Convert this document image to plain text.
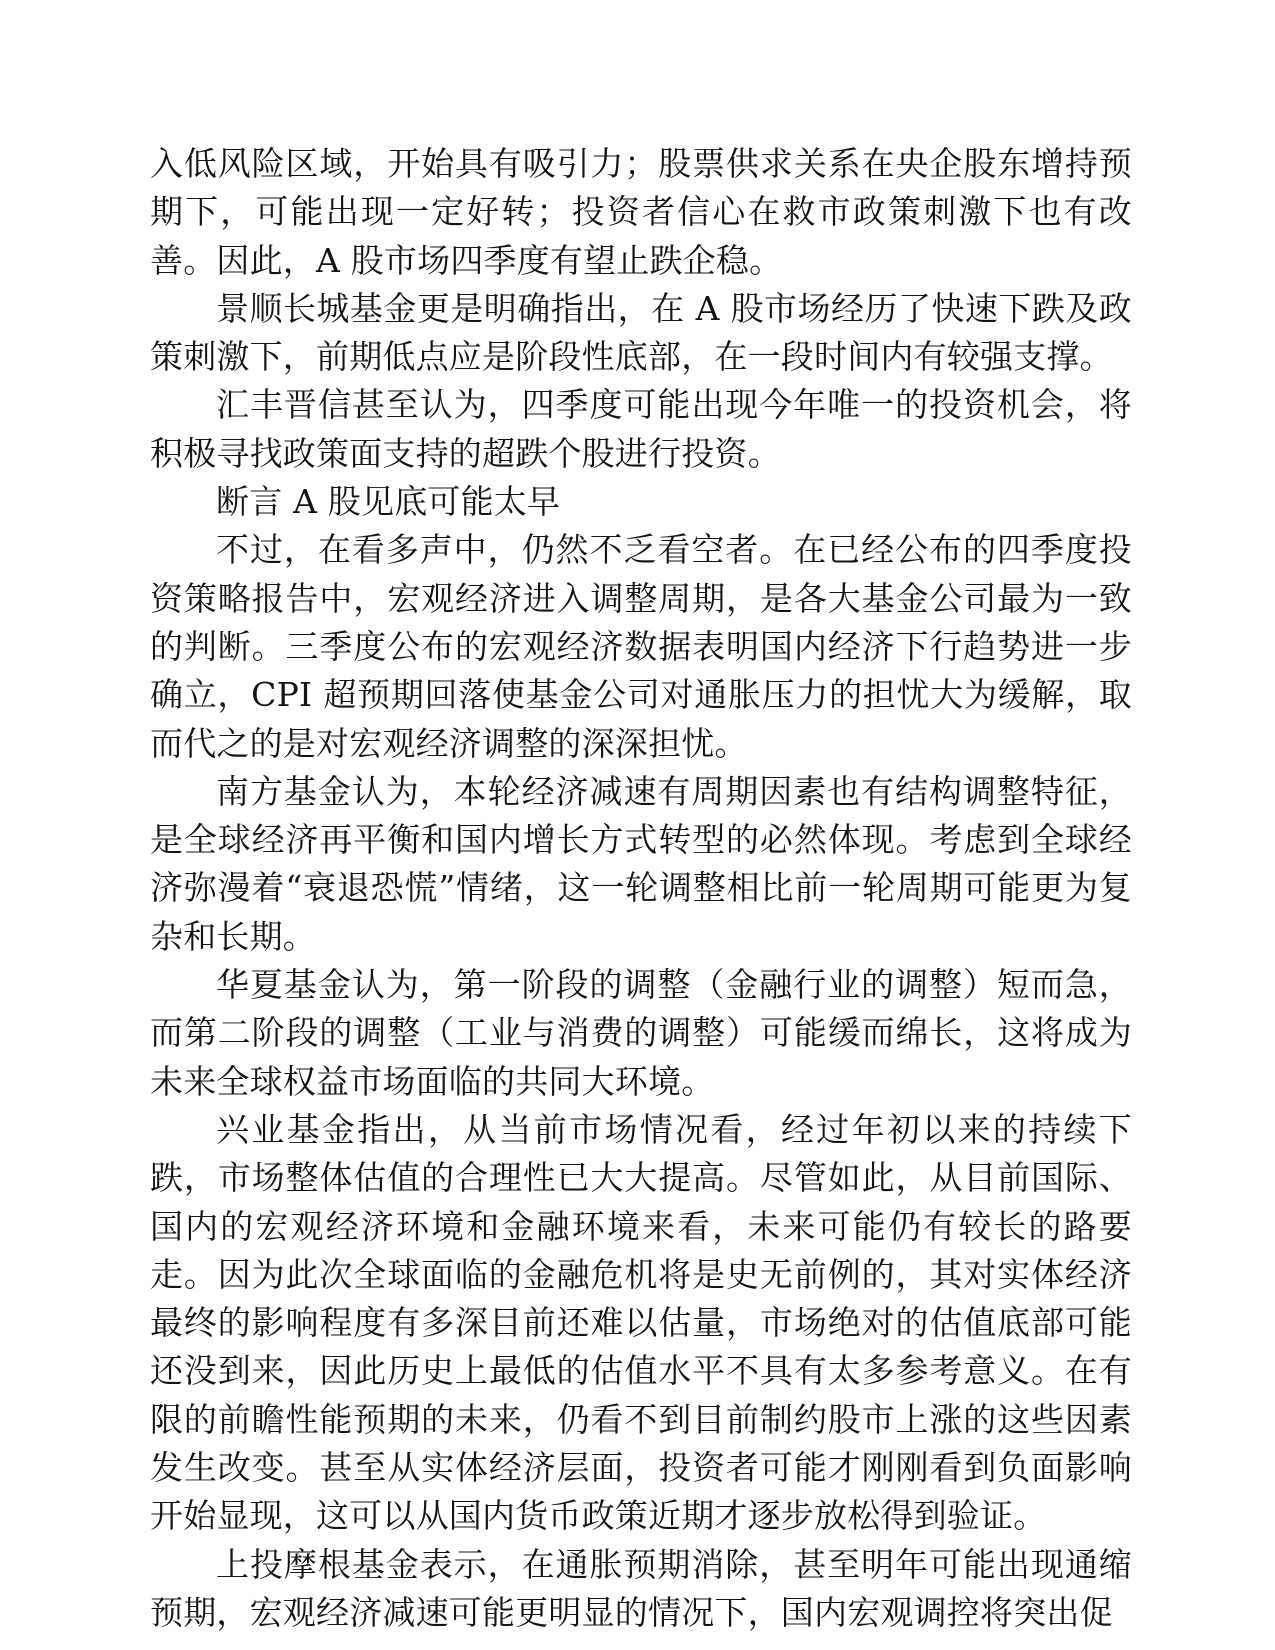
入低风险区域，开始具有吸引力；股票供求关系在央企股东增持预期下，可能出现一定好转；投资者信心在救市政策刺激下也有改善。因此，A 股市场四季度有望止跌企稳。

景顺长城基金更是明确指出，在 A 股市场经历了快速下跌及政策刺激下，前期低点应是阶段性底部，在一段时间内有较强支撑。

汇丰晋信甚至认为，四季度可能出现今年唯一的投资机会，将积极寻找政策面支持的超跌个股进行投资。

断言 A 股见底可能太早

不过，在看多声中，仍然不乏看空者。在已经公布的四季度投资策略报告中，宏观经济进入调整周期，是各大基金公司最为一致的判断。三季度公布的宏观经济数据表明国内经济下行趋势进一步确立，CPI 超预期回落使基金公司对通胀压力的担忧大为缓解，取而代之的是对宏观经济调整的深深担忧。

南方基金认为，本轮经济减速有周期因素也有结构调整特征，是全球经济再平衡和国内增长方式转型的必然体现。考虑到全球经济弥漫着“衰退恐慌”情绪，这一轮调整相比前一轮周期可能更为复杂和长期。

华夏基金认为，第一阶段的调整（金融行业的调整）短而急，而第二阶段的调整（工业与消费的调整）可能缓而绵长，这将成为未来全球权益市场面临的共同大环境。

兴业基金指出，从当前市场情况看，经过年初以来的持续下跌，市场整体估值的合理性已大大提高。尽管如此，从目前国际、国内的宏观经济环境和金融环境来看，未来可能仍有较长的路要走。因为此次全球面临的金融危机将是史无前例的，其对实体经济最终的影响程度有多深目前还难以估量，市场绝对的估值底部可能还没到来，因此历史上最低的估值水平不具有太多参考意义。在有限的前瞻性能预期的未来，仍看不到目前制约股市上涨的这些因素发生改变。甚至从实体经济层面，投资者可能才刚刚看到负面影响开始显现，这可以从国内货币政策近期才逐步放松得到验证。

上投摩根基金表示，在通胀预期消除，甚至明年可能出现通缩预期，宏观经济减速可能更明显的情况下，国内宏观调控将突出促
